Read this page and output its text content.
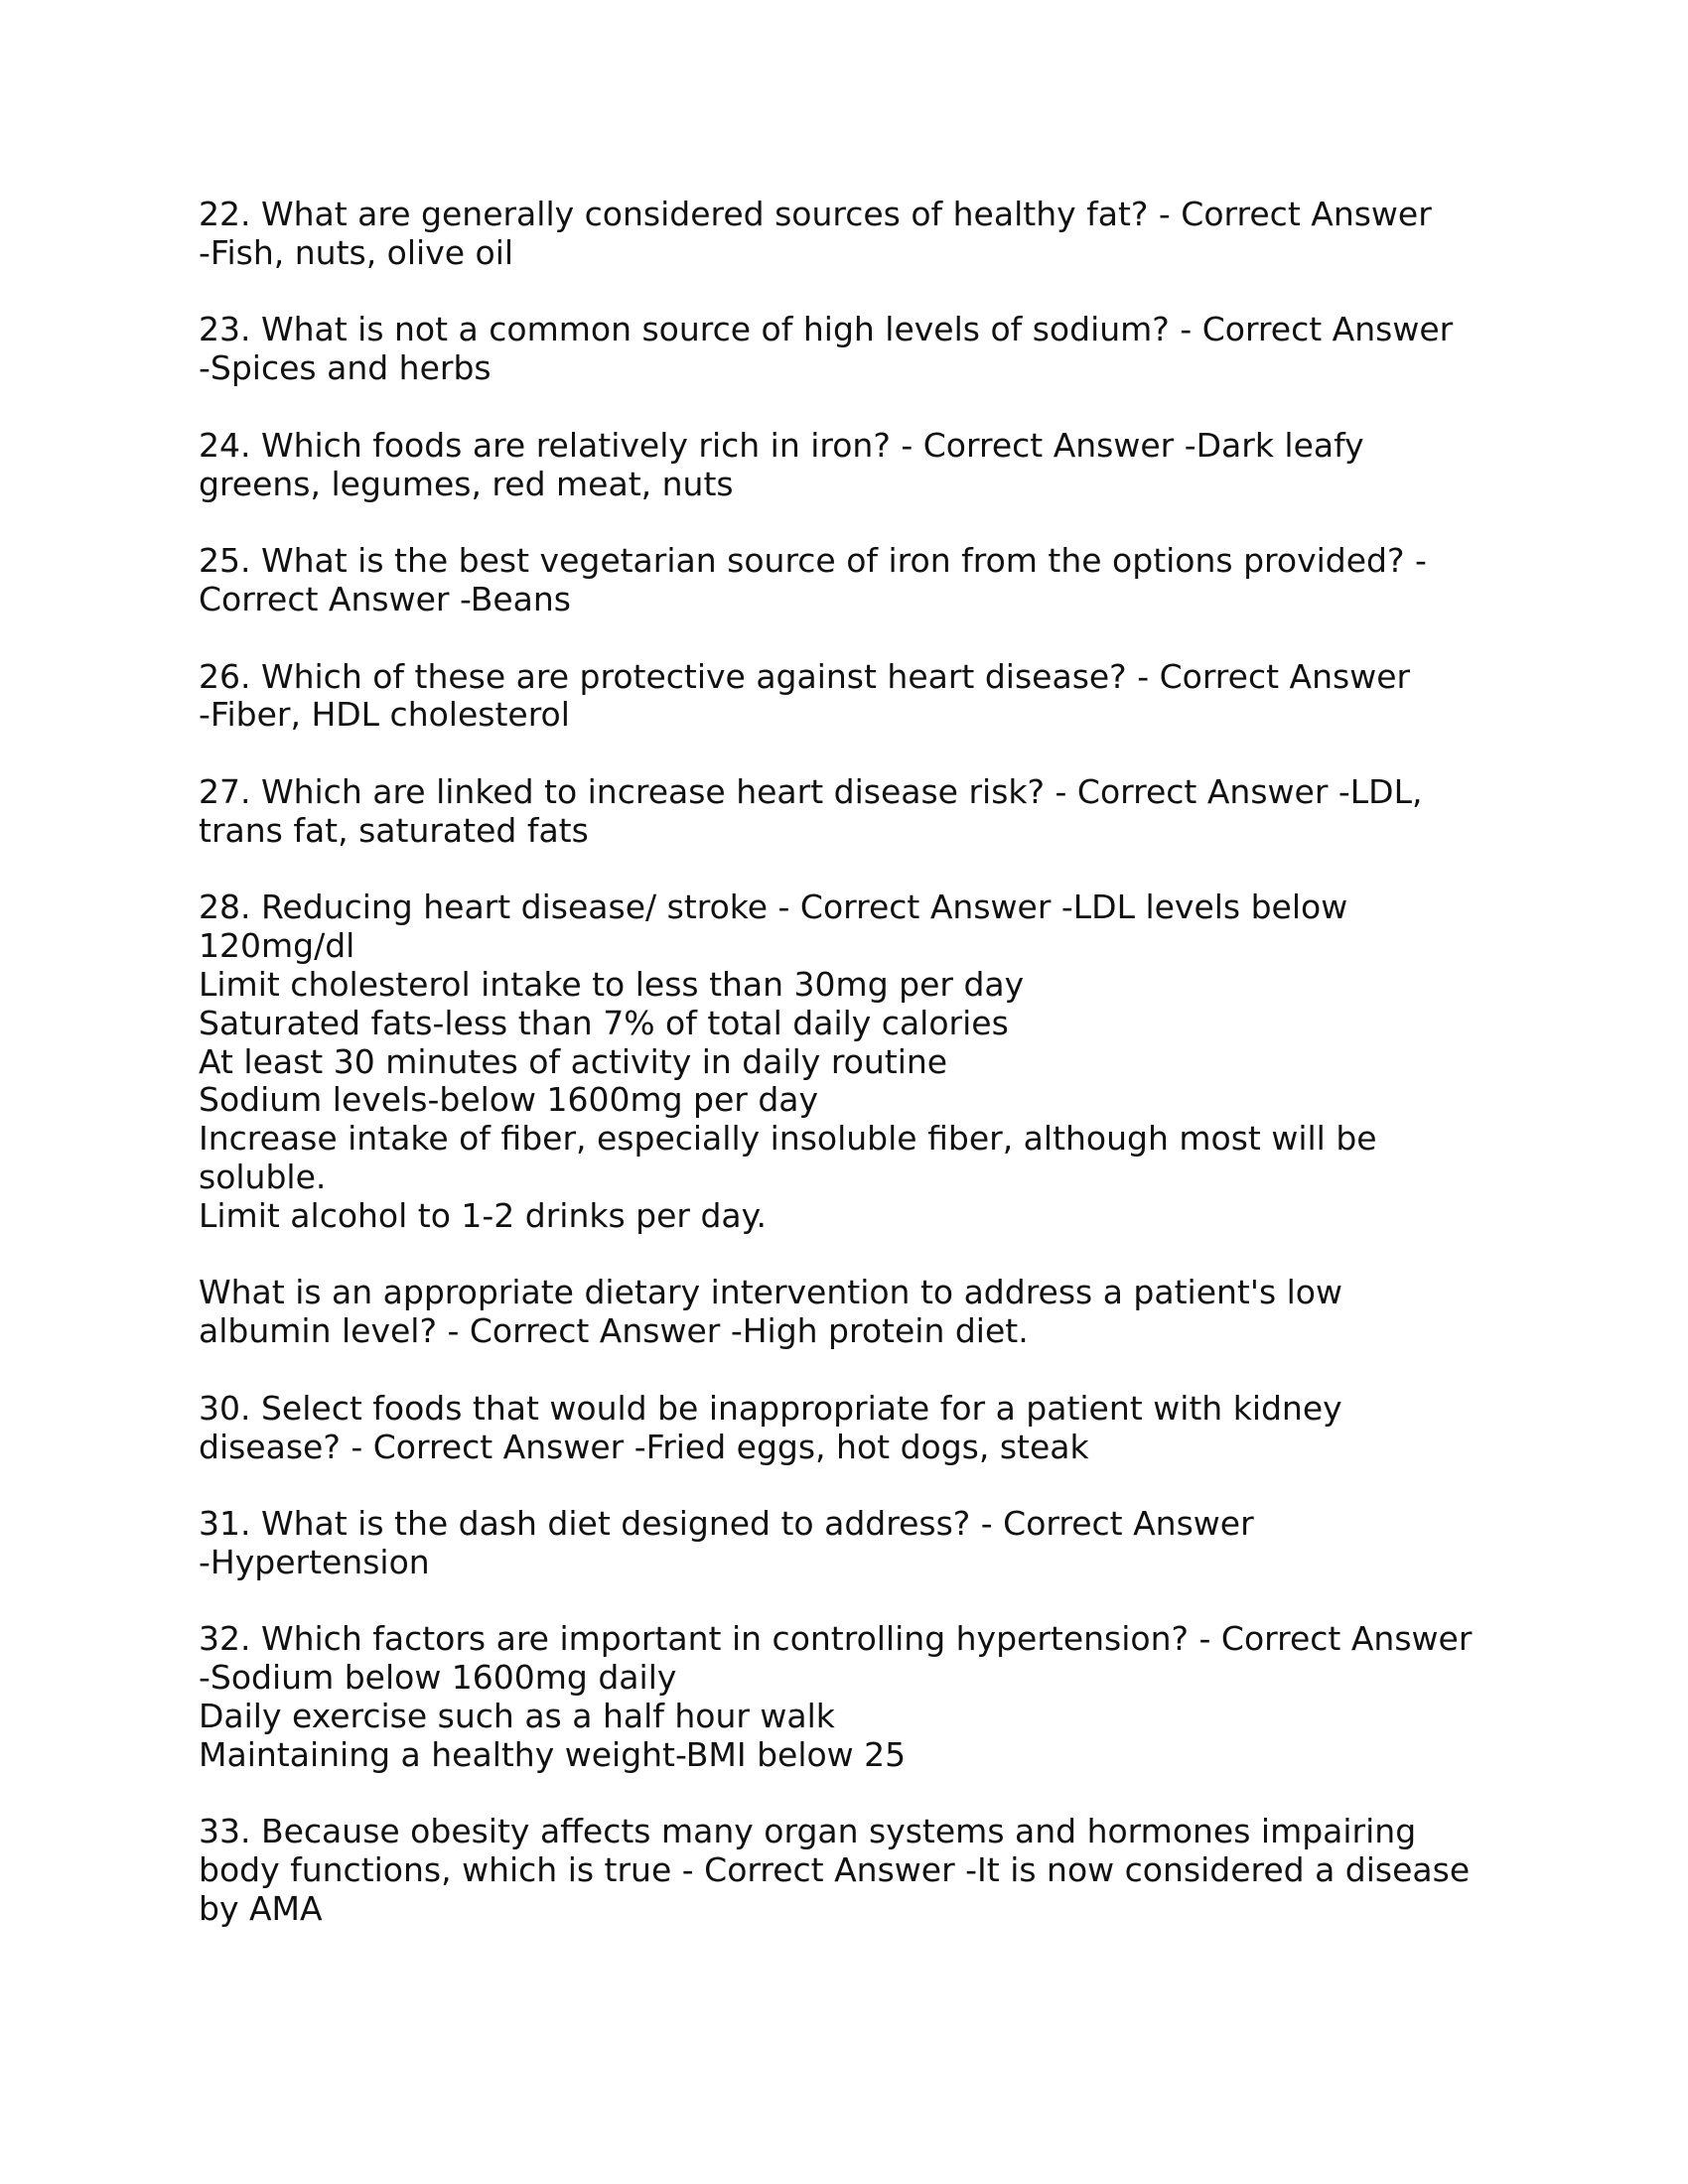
22. What are generally considered sources of healthy fat? - Correct Answer
-Fish, nuts, olive oil
23. What is not a common source of high levels of sodium? - Correct Answer
-Spices and herbs
24. Which foods are relatively rich in iron? - Correct Answer -Dark leafy
greens, legumes, red meat, nuts
25. What is the best vegetarian source of iron from the options provided? -
Correct Answer -Beans
26. Which of these are protective against heart disease? - Correct Answer
-Fiber, HDL cholesterol
27. Which are linked to increase heart disease risk? - Correct Answer -LDL,
trans fat, saturated fats
28. Reducing heart disease/ stroke - Correct Answer -LDL levels below
120mg/dl
Limit cholesterol intake to less than 30mg per day
Saturated fats-less than 7% of total daily calories
At least 30 minutes of activity in daily routine
Sodium levels-below 1600mg per day
Increase intake of fiber, especially insoluble fiber, although most will be
soluble.
Limit alcohol to 1-2 drinks per day.
What is an appropriate dietary intervention to address a patient's low
albumin level? - Correct Answer -High protein diet.
30. Select foods that would be inappropriate for a patient with kidney
disease? - Correct Answer -Fried eggs, hot dogs, steak
31. What is the dash diet designed to address? - Correct Answer
-Hypertension
32. Which factors are important in controlling hypertension? - Correct Answer
-Sodium below 1600mg daily
Daily exercise such as a half hour walk
Maintaining a healthy weight-BMI below 25
33. Because obesity affects many organ systems and hormones impairing
body functions, which is true - Correct Answer -It is now considered a disease
by AMA
